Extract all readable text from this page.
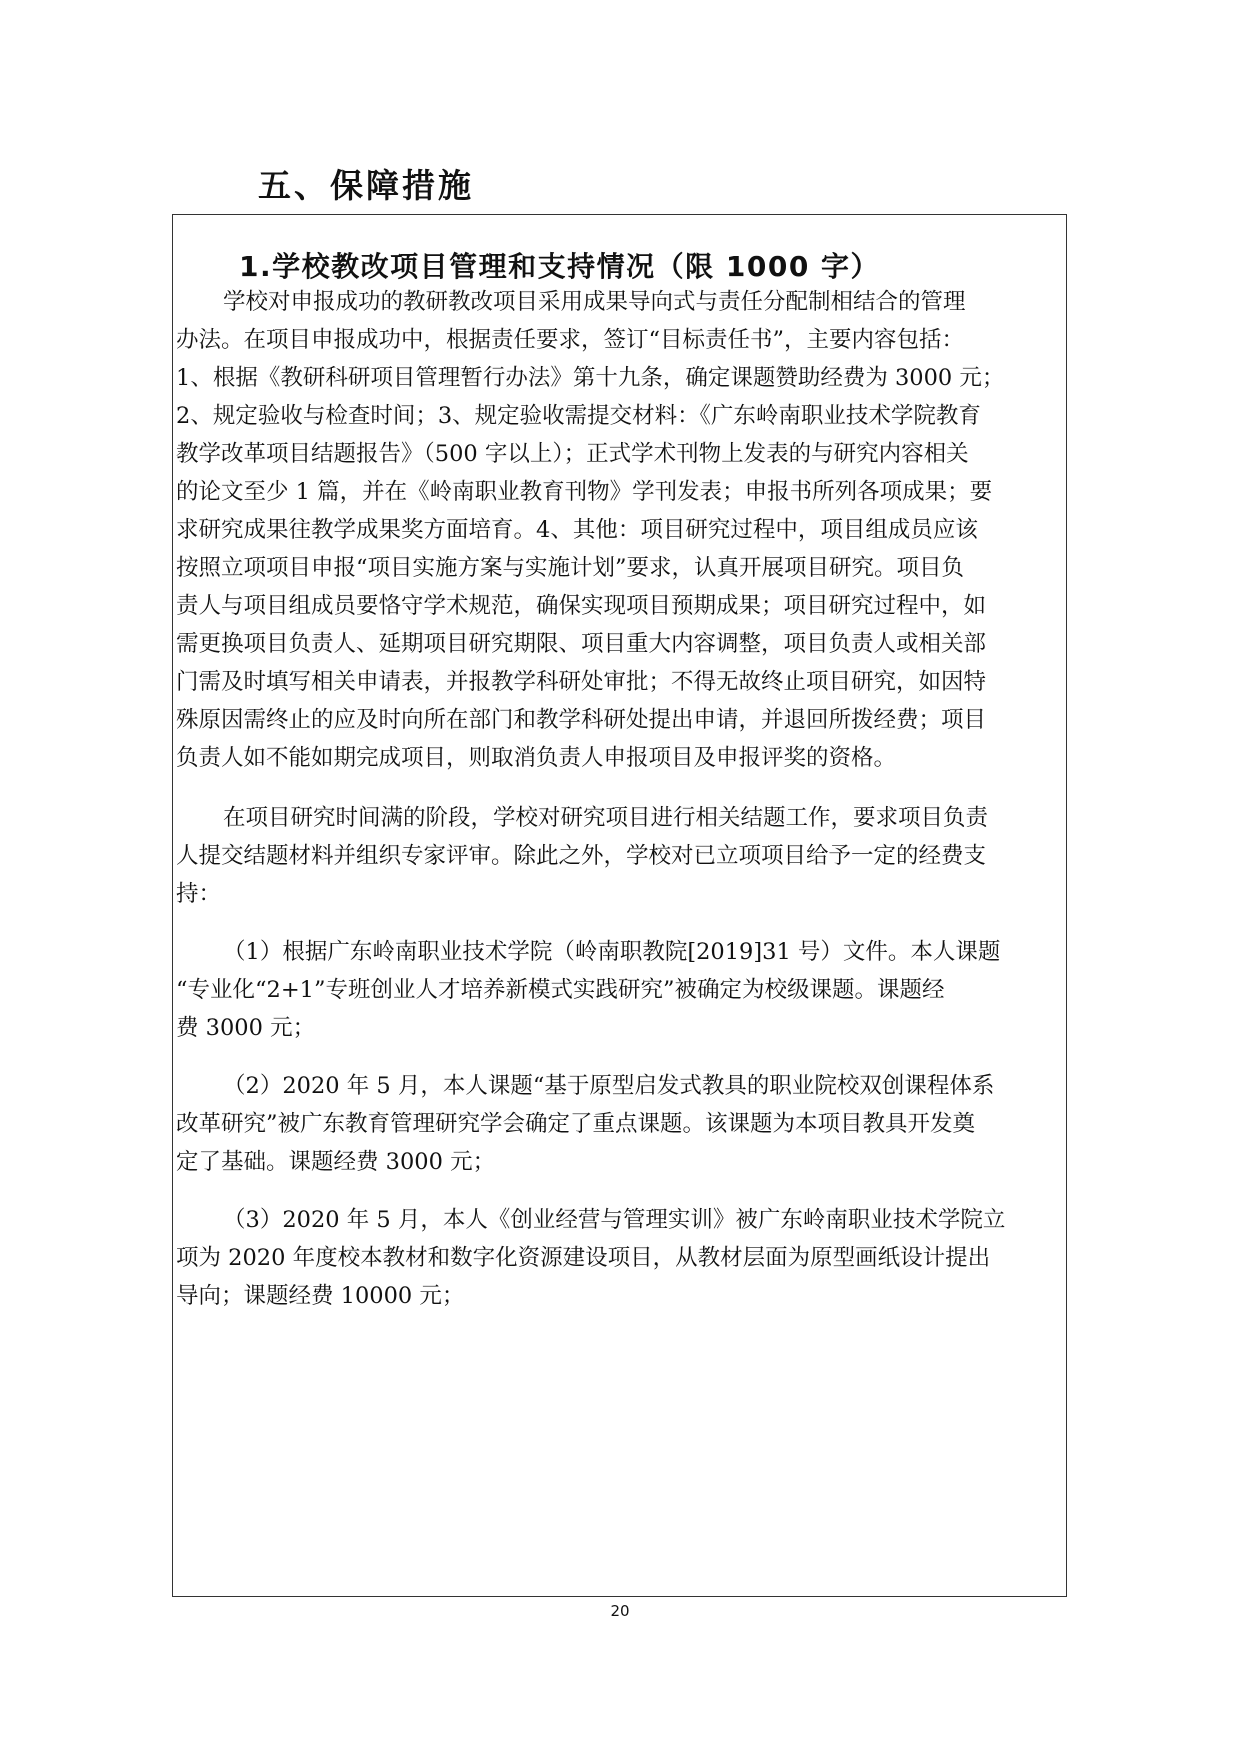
五、保障措施
1.学校教改项目管理和支持情况（限 1000 字）
学校对申报成功的教研教改项目采用成果导向式与责任分配制相结合的管理
办法。在项目申报成功中，根据责任要求，签订“目标责任书”，主要内容包括：
1、根据《教研科研项目管理暂行办法》第十九条，确定课题赞助经费为 3000 元；
2、规定验收与检查时间；3、规定验收需提交材料：《广东岭南职业技术学院教育
教学改革项目结题报告》（500 字以上）；正式学术刊物上发表的与研究内容相关
的论文至少 1 篇，并在《岭南职业教育刊物》学刊发表；申报书所列各项成果；要
求研究成果往教学成果奖方面培育。4、其他：项目研究过程中，项目组成员应该
按照立项项目申报“项目实施方案与实施计划”要求，认真开展项目研究。项目负
责人与项目组成员要恪守学术规范，确保实现项目预期成果；项目研究过程中，如
需更换项目负责人、延期项目研究期限、项目重大内容调整，项目负责人或相关部
门需及时填写相关申请表，并报教学科研处审批；不得无故终止项目研究，如因特
殊原因需终止的应及时向所在部门和教学科研处提出申请，并退回所拨经费；项目
负责人如不能如期完成项目，则取消负责人申报项目及申报评奖的资格。
在项目研究时间满的阶段，学校对研究项目进行相关结题工作，要求项目负责
人提交结题材料并组织专家评审。除此之外，学校对已立项项目给予一定的经费支
持：
（1）根据广东岭南职业技术学院（岭南职教院[2019]31 号）文件。本人课题
“专业化“2+1”专班创业人才培养新模式实践研究”被确定为校级课题。课题经
费 3000 元；
（2）2020 年 5 月，本人课题“基于原型启发式教具的职业院校双创课程体系
改革研究”被广东教育管理研究学会确定了重点课题。该课题为本项目教具开发奠
定了基础。课题经费 3000 元；
（3）2020 年 5 月，本人《创业经营与管理实训》被广东岭南职业技术学院立
项为 2020 年度校本教材和数字化资源建设项目，从教材层面为原型画纸设计提出
导向；课题经费 10000 元；
20
